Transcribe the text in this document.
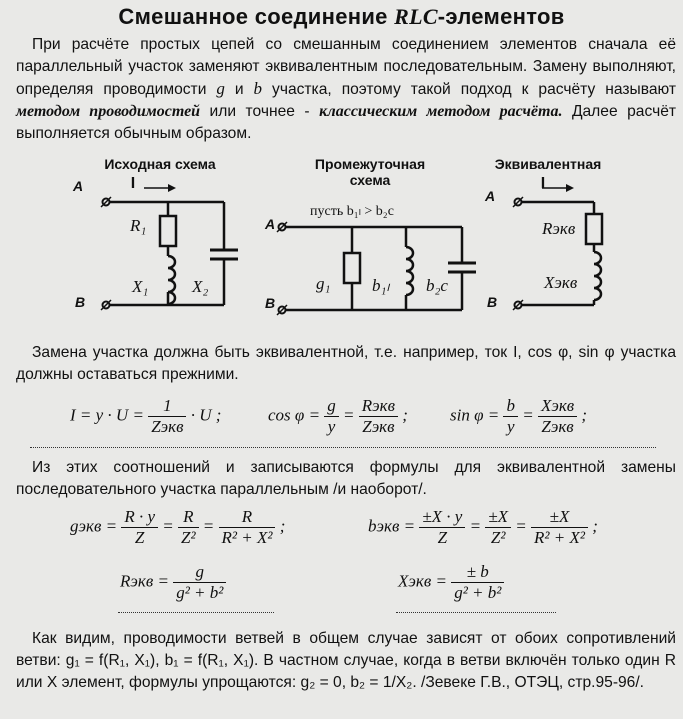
Смешанное соединение RLC-элементов
При расчёте простых цепей со смешанным соединением элементов сначала её параллельный участок заменяют эквивалентным последовательным. Замену выполняют, определяя проводимости g и b участка, поэтому такой подход к расчёту называют методом проводимостей или точнее - классическим методом расчёта. Далее расчёт выполняется обычным образом.
Исходная схема
А
В
I
R₁
X₁	X₂
Промежуточная
схема
пусть b₁ₗ > b₂c
А
В
g₁ b₁ₗ b₂c
Эквивалентная
А
В
I
Rэкв
Xэкв
Замена участка должна быть эквивалентной, т.е. например, ток I, cos φ, sin φ участка должны оставаться прежними.
$I = y \cdot U = \frac{1}{\text{Zэкв}} \cdot U$ ;	$\cos \varphi = \frac{g}{y} = \frac{\text{Rэкв}}{\text{Zэкв}}$ ; $\sin \varphi = \frac{b}{y} = \frac{\text{Xэкв}}{\text{Zэкв}}$ ;
Из этих соотношений и записываются формулы для эквивалентной замены последовательного участка параллельным /и наоборот/.
gэкв = $\frac{R \cdot y}{Z} = \frac{R}{\text{Z²}} = \frac{R}{\text{R² + X²}}$ ;	bэкв = $\frac{\pm X \cdot y}{Z} = \frac{\pm X}{\text{Z²}} = \frac{\pm X}{\text{R² + X²}}$ ;
Rэкв = $\frac{g}{\text{g² + b²}}$	Xэкв = $\frac{\pm b}{\text{g² + b²}}$
Как видим, проводимости ветвей в общем случае зависят от обоих сопротивлений ветви: g₁ = f(R₁, X₁), b₁ = f(R₁, X₁). В частном случае, когда в ветви включён только один R или X элемент, формулы упрощаются: g₂ = 0, b₂ = 1/X₂. /Зевеке Г.В., ОТЭЦ, стр.95-96/.
